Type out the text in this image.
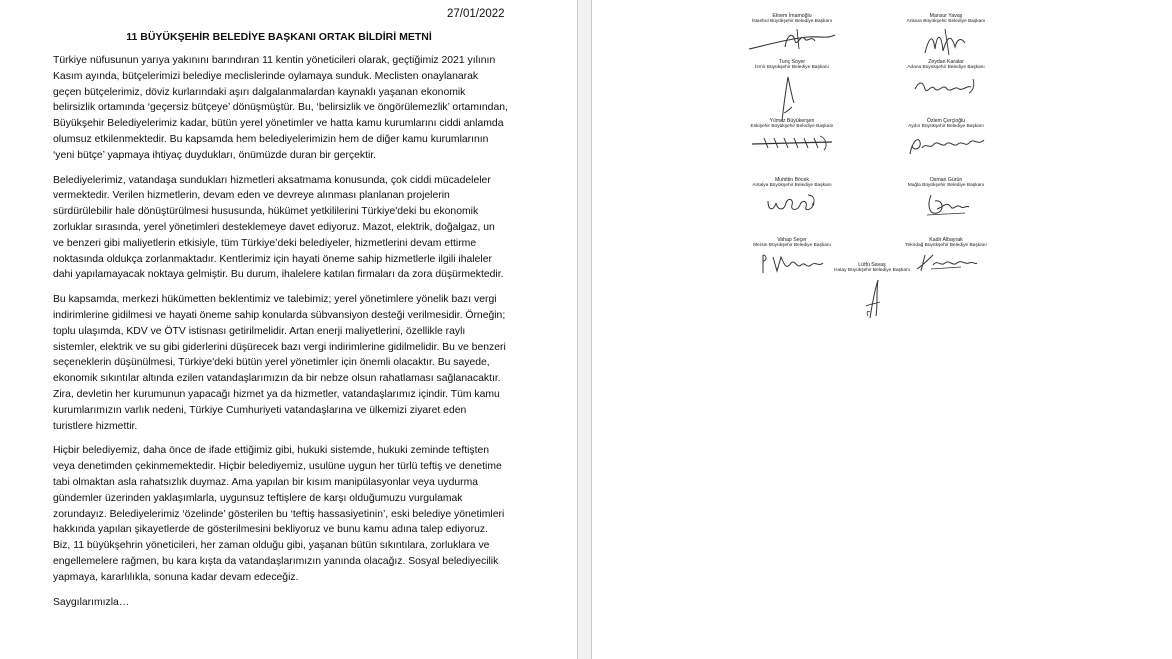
27/01/2022
11 BÜYÜKŞEHİR BELEDİYE BAŞKANI ORTAK BİLDİRİ METNİ

Türkiye nüfusunun yarıya yakınını barındıran 11 kentin yöneticileri olarak, geçtiğimiz 2021 yılının Kasım ayında, bütçelerimizi belediye meclislerinde oylamaya sunduk. Meclisten onaylanarak geçen bütçelerimiz, döviz kurlarındaki aşırı dalgalanmalardan kaynaklı yaşanan ekonomik belirsizlik ortamında ‘geçersiz bütçeye’ dönüşmüştür. Bu, ‘belirsizlik ve öngörülemezlik’ ortamından, Büyükşehir Belediyelerimiz kadar, bütün yerel yönetimler ve hatta kamu kurumlarını ciddi anlamda olumsuz etkilenmektedir. Bu kapsamda hem belediyelerimizin hem de diğer kamu kurumlarının ‘yeni bütçe’ yapmaya ihtiyaç duydukları, önümüzde duran bir gerçektir.

Belediyelerimiz, vatandaşa sundukları hizmetleri aksatmama konusunda, çok ciddi mücadeleler vermektedir. Verilen hizmetlerin, devam eden ve devreye alınması planlanan projelerin sürdürülebilir hale dönüştürülmesi hususunda, hükümet yetkililerini Türkiye'deki bu ekonomik zorluklar sırasında, yerel yönetimleri desteklemeye davet ediyoruz. Mazot, elektrik, doğalgaz, un ve benzeri gibi maliyetlerin etkisiyle, tüm Türkiye’deki belediyeler, hizmetlerini devam ettirme noktasında oldukça zorlanmaktadır. Kentlerimiz için hayati öneme sahip hizmetlerle ilgili ihaleler dahi yapılamayacak noktaya gelmiştir. Bu durum, ihalelere katılan firmaları da zora düşürmektedir.

Bu kapsamda, merkezi hükümetten beklentimiz ve talebimiz; yerel yönetimlere yönelik bazı vergi indirimlerine gidilmesi ve hayati öneme sahip konularda sübvansiyon desteği verilmesidir. Örneğin; toplu ulaşımda, KDV ve ÖTV istisnası getirilmelidir. Artan enerji maliyetlerini, özellikle raylı sistemler, elektrik ve su gibi giderlerini düşürecek bazı vergi indirimlerine gidilmelidir. Bu ve benzeri seçeneklerin düşünülmesi, Türkiye'deki bütün yerel yönetimler için önemli olacaktır. Bu sayede, ekonomik sıkıntılar altında ezilen vatandaşlarımızın da bir nebze olsun rahatlaması sağlanacaktır. Zira, devletin her kurumunun yapacağı hizmet ya da hizmetler, vatandaşlarımız içindir. Tüm kamu kurumlarımızın varlık nedeni, Türkiye Cumhuriyeti vatandaşlarına ve ülkemizi ziyaret eden turistlere hizmettir.

Hiçbir belediyemiz, daha önce de ifade ettiğimiz gibi, hukuki sistemde, hukuki zeminde teftişten veya denetimden çekinmemektedir. Hiçbir belediyemiz, usulüne uygun her türlü teftiş ve denetime tabi olmaktan asla rahatsızlık duymaz. Ama yapılan bir kısım manipülasyonlar veya uydurma gündemler üzerinden yaklaşımlarla, uygunsuz teftişlere de karşı olduğumuzu vurgulamak zorundayız. Belediyelerimiz ‘özelinde’ gösterilen bu ‘teftiş hassasiyetinin’, eski belediye yönetimleri hakkında yapılan şikayetlerde de gösterilmesini bekliyoruz ve bunu kamu adına talep ediyoruz. Biz, 11 büyükşehrin yöneticileri, her zaman olduğu gibi, yaşanan bütün sıkıntılara, zorluklara ve engellemelere rağmen, bu kara kışta da vatandaşlarımızın yanında olacağız. Sosyal belediyecilik yapmaya, kararlılıkla, sonuna kadar devam edeceğiz.

Saygılarımızla…

Ekrem İmamoğlu
İstanbul Büyükşehir Belediye Başkanı
Mansur Yavaş
Ankara Büyükşehir Belediye Başkanı
Tunç Soyer
İzmir Büyükşehir Belediye Başkanı
Zeydan Karalar
Adana Büyükşehir Belediye Başkanı
Yılmaz Büyükerşen
Eskişehir Büyükşehir Belediye Başkanı
Özlem Çerçioğlu
Aydın Büyükşehir Belediye Başkanı
Muhittin Böcek
Antalya Büyükşehir Belediye Başkanı
Osman Gürün
Muğla Büyükşehir Belediye Başkanı
Vahap Seçer
Mersin Büyükşehir Belediye Başkanı
Kadir Albayrak
Tekirdağ Büyükşehir Belediye Başkanı
Lütfü Savaş
Hatay Büyükşehir Belediye Başkanı
